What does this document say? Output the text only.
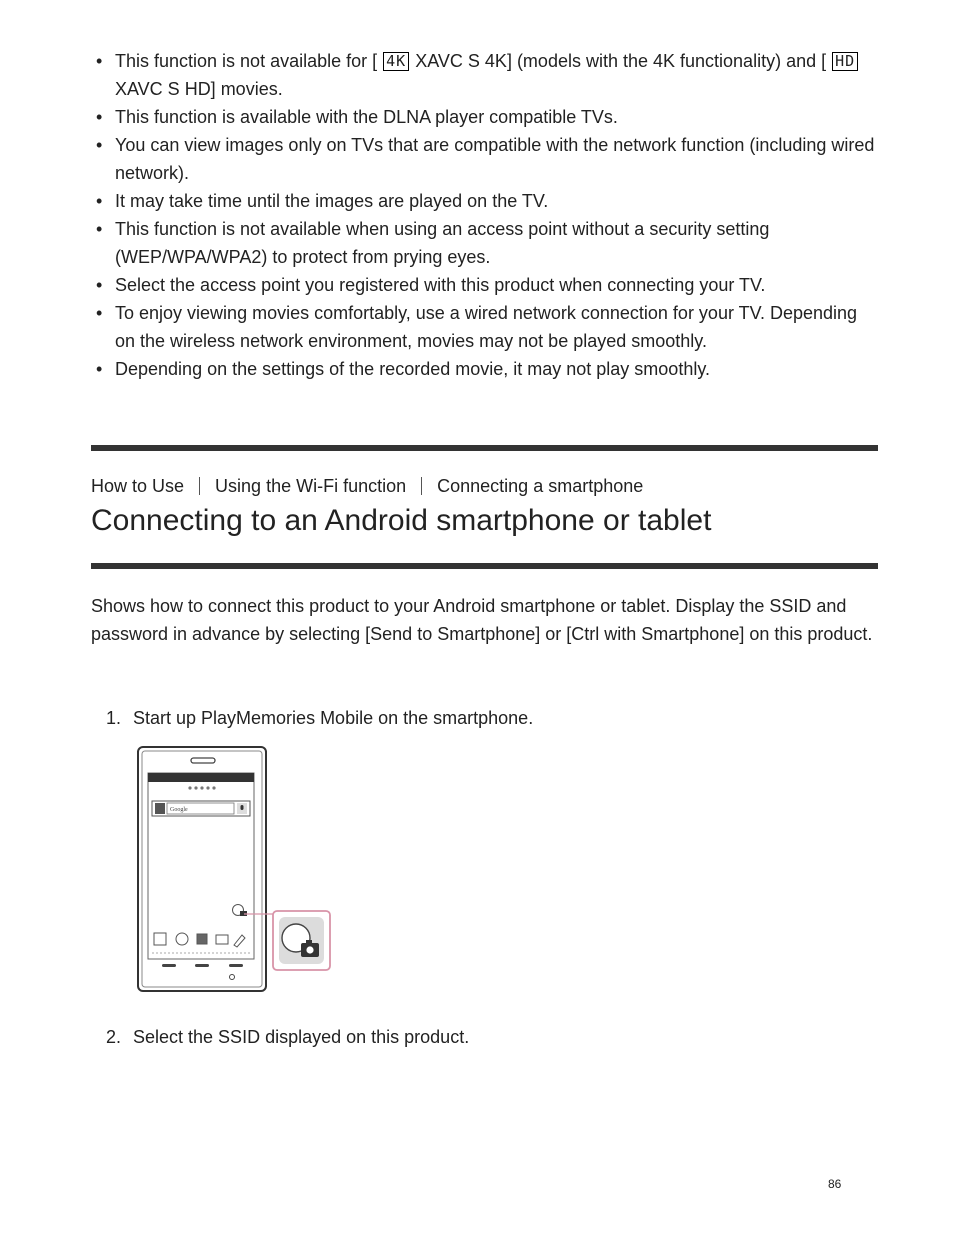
• This function is not available for [ 4K XAVC S 4K] (models with the 4K functionality) and [ HD XAVC S HD] movies.
• This function is available with the DLNA player compatible TVs.
• You can view images only on TVs that are compatible with the network function (including wired network).
• It may take time until the images are played on the TV.
• This function is not available when using an access point without a security setting (WEP/WPA/WPA2) to protect from prying eyes.
• Select the access point you registered with this product when connecting your TV.
• To enjoy viewing movies comfortably, use a wired network connection for your TV. Depending on the wireless network environment, movies may not be played smoothly.
• Depending on the settings of the recorded movie, it may not play smoothly.
How to Use Using the Wi-Fi function Connecting a smartphone
Connecting to an Android smartphone or tablet

Shows how to connect this product to your Android smartphone or tablet. Display the SSID and password in advance by selecting [Send to Smartphone] or [Ctrl with Smartphone] on this product.

1. Start up PlayMemories Mobile on the smartphone.
Google
2. Select the SSID displayed on this product.
86
